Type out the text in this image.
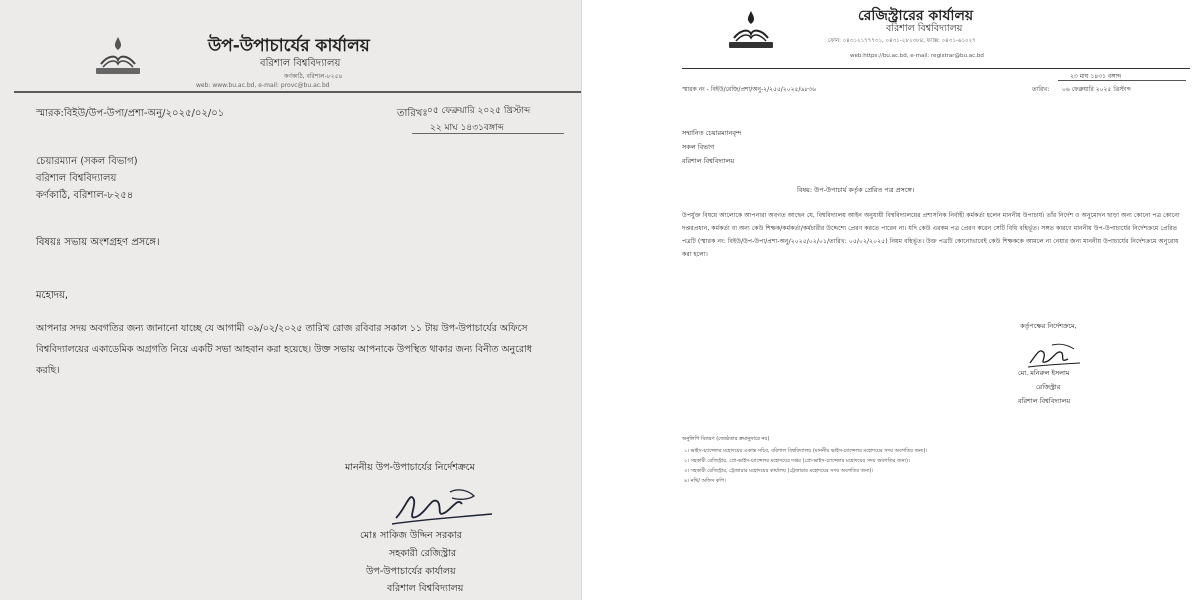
উপ-উপাচার্যের কার্যালয়
বরিশাল বিশ্ববিদ্যালয়
কর্ণকাঠি, বরিশাল-৮২৫৪
web: www.bu.ac.bd, e-mail: provc@bu.ac.bd
স্মারক:বিইউ/উপ-উপা/প্রশা-অনু/২০২৫/০২/০১	তারিখঃ ০৫ ফেব্রুয়ারি ২০২৫ খ্রিস্টাব্দ
২২ মাঘ ১৪৩১বঙ্গাব্দ
চেয়ারম্যান (সকল বিভাগ)
বরিশাল বিশ্ববিদ্যালয়
কর্ণকাঠি, বরিশাল-৮২৫৪
বিষয়ঃ সভায় অংশগ্রহণ প্রসঙ্গে।
মহোদয়,
আপনার সদয় অবগতির জন্য জানানো যাচ্ছে যে আগামী ০৯/০২/২০২৫ তারিখ রোজ রবিবার সকাল ১১ টায় উপ-উপাচার্যের অফিসে বিশ্ববিদ্যালয়ের একাডেমিক অগ্রগতি নিয়ে একটি সভা আহবান করা হয়েছে। উক্ত সভায় আপনাকে উপস্থিত থাকার জন্য বিনীত অনুরোধ করছি।
মাননীয় উপ-উপাচার্যের নির্দেশক্রমে
মোঃ সাকিজ উদ্দিন সরকার
সহকারী রেজিস্ট্রার
উপ-উপাচার্যের কার্যালয়
বরিশাল বিশ্ববিদ্যালয়
রেজিস্ট্রারের কার্যালয়
বরিশাল বিশ্ববিদ্যালয়
ফোন: ০৪৩১২১৭৭৭৩১, ০৪৩১-২৮২৩৮৪, ফ্যাক্স: ০৪৩১-৬১০২৭
web:https://bu.ac.bd, e-mail: registrar@bu.ac.bd
২৩ মাঘ ১৪৩১ বঙ্গাব্দ
স্মারক নং - বিইউ/রেজি/প্রশা/অনু-২/২৫৫/২০২৫/৬৮৩৬	তারিখ: ০৬ ফেব্রুয়ারি ২০২৫ খ্রিস্টাব্দ
সম্মানিত চেয়ারম্যানবৃন্দ
সকল বিভাগ
বরিশাল বিশ্ববিদ্যালয়
বিষয়: উপ-উপাচার্য কর্তৃক প্রেরিত পত্র প্রসঙ্গে।
উপর্যুক্ত বিষয়ে আলোকে আপনারা অবগত আছেন যে, বিশ্ববিদ্যালয় আইন অনুযায়ী বিশ্ববিদ্যালয়ের প্রশাসনিক নির্বাহী কর্মকর্তা হলেন মাননীয় উপাচার্য। তাঁর নির্দেশ ও অনুমোদন ছাড়া অন্য কোনো পত্র কোনো দপ্তরপ্রধান, কর্মকর্তা বা অন্য কেউ শিক্ষক/কর্মকর্তা/কর্মচারীর উদ্দেশ্যে প্রেরণ করতে পারেন না। যদি কেউ এরকম পত্র প্রেরণ করেন সেটি বিধি বহির্ভূত। সঙ্গত কারণে মাননীয় উপ-উপাচার্যের নির্দেশক্রমে প্রেরিত পত্রটি (স্মারক নং: বিইউ/উপ-উপা/প্রশা-অনু/২০২৫/০২/০১/তারিখ: ০৫/০২/২০২৫) নিয়ম বহির্ভূত। উক্ত পত্রটি কোনোভাবেই কেউ শিক্ষককে আমলে না নেয়ার জন্য মাননীয় উপাচার্যের নির্দেশক্রমে অনুরোধ করা হলো।
কর্তৃপক্ষের নির্দেশক্রমে,
মো. মনিরুল ইসলাম
রেজিস্ট্রার
বরিশাল বিশ্ববিদ্যালয়
অনুলিপি বিতরণ (জ্যেষ্ঠতার ক্রমানুসারে নয়)
১। ভাইস-চ্যান্সেলর মহোদয়ের একান্ত সচিব, বরিশাল বিশ্ববিদ্যালয় (মাননীয় ভাইস-চ্যান্সেলর মহোদয়ের সদয় অবগতির জন্য)।
২। সহকারী রেজিস্ট্রার, প্রো-ভাইস-চ্যান্সেলর মহোদয়ের দপ্তর (প্রো-ভাইস-চ্যান্সেলর মহোদয়ের সদয় অবগতির জন্য)।
৩। সহকারী রেজিস্ট্রার, ট্রেজারার মহোদয়ের কার্যালয় (ট্রেজারার মহোদয়ের সদয় অবগতির জন্য)।
৪। নথি/ অফিস কপি।
